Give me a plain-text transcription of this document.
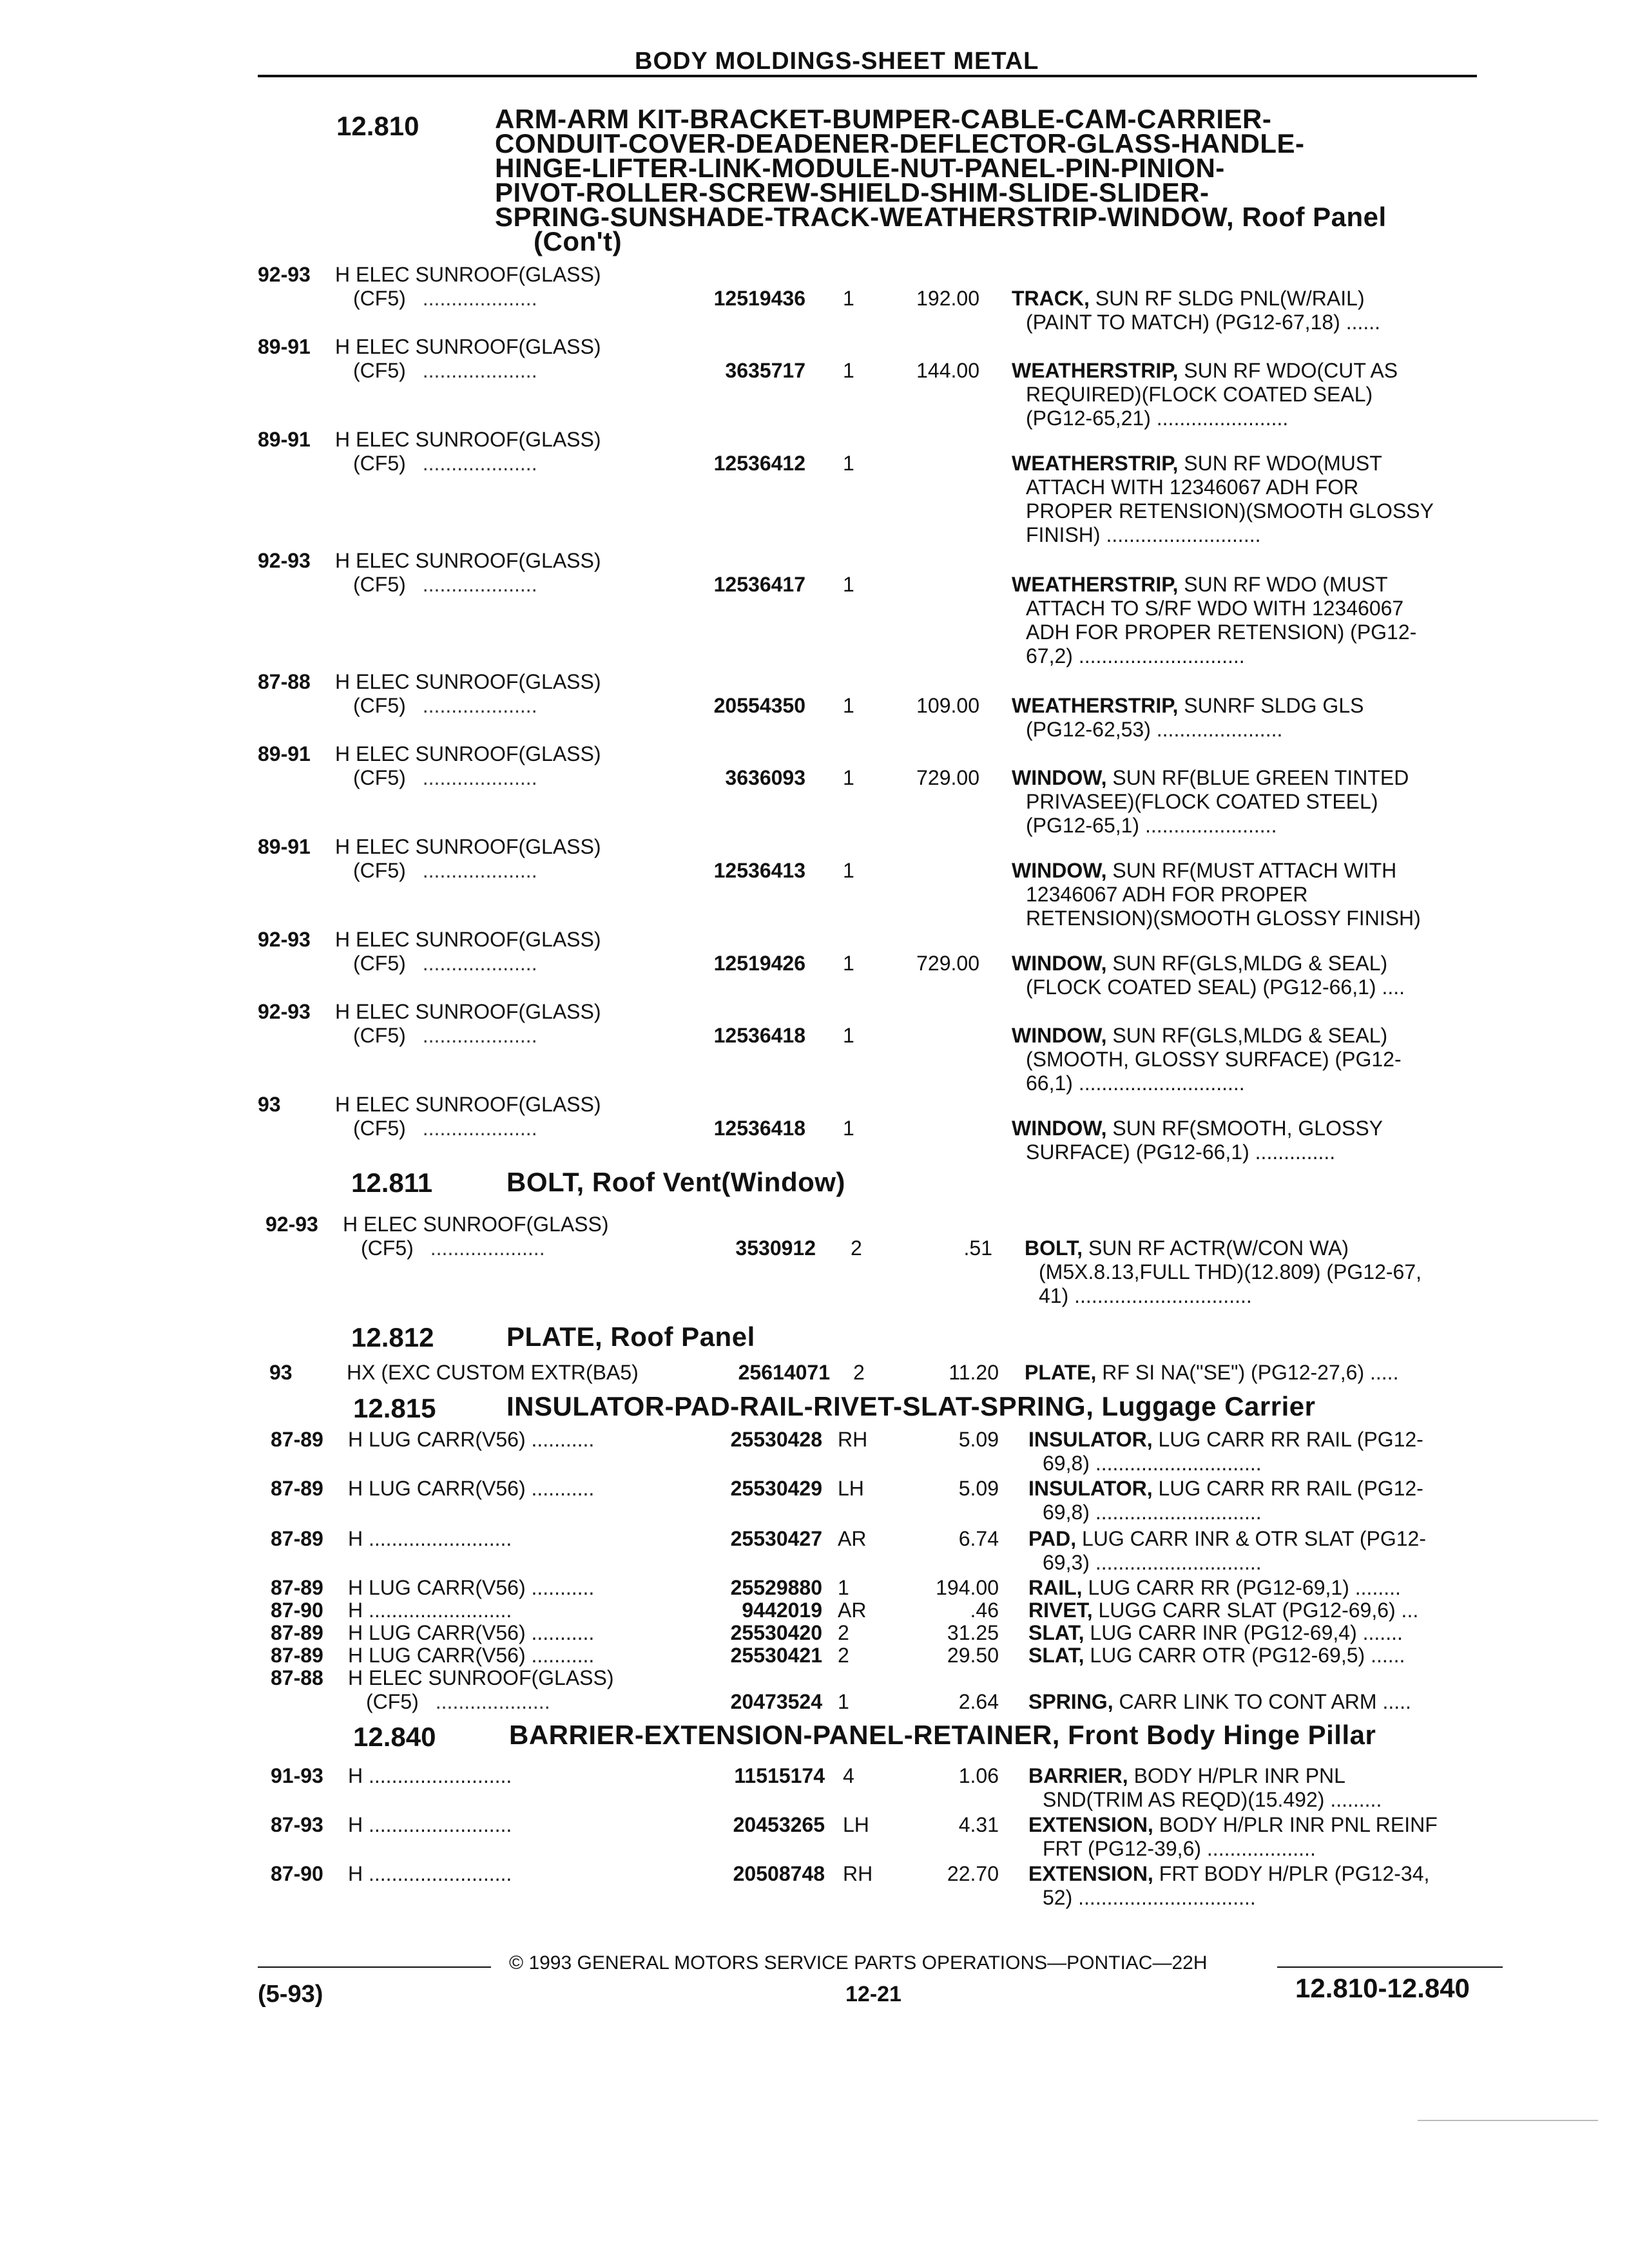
BODY MOLDINGS-SHEET METAL
12.810	ARM-ARM KIT-BRACKET-BUMPER-CABLE-CAM-CARRIER-
CONDUIT-COVER-DEADENER-DEFLECTOR-GLASS-HANDLE-
HINGE-LIFTER-LINK-MODULE-NUT-PANEL-PIN-PINION-
PIVOT-ROLLER-SCREW-SHIELD-SHIM-SLIDE-SLIDER-
SPRING-SUNSHADE-TRACK-WEATHERSTRIP-WINDOW, Roof Panel
(Con't)
92-93 H ELEC SUNROOF(GLASS)
(CF5) ....................	12519436 1	192.00 TRACK, SUN RF SLDG PNL(W/RAIL)
(PAINT TO MATCH) (PG12-67,18) ......
89-91 H ELEC SUNROOF(GLASS)
(CF5) ....................	3635717 1	144.00 WEATHERSTRIP, SUN RF WDO(CUT AS
REQUIRED)(FLOCK COATED SEAL)
(PG12-65,21) .......................
89-91 H ELEC SUNROOF(GLASS)
(CF5) ....................	12536412 1	WEATHERSTRIP, SUN RF WDO(MUST
ATTACH WITH 12346067 ADH FOR
PROPER RETENSION)(SMOOTH GLOSSY
FINISH) ...........................
92-93 H ELEC SUNROOF(GLASS)
(CF5) ....................	12536417 1	WEATHERSTRIP, SUN RF WDO (MUST
ATTACH TO S/RF WDO WITH 12346067
ADH FOR PROPER RETENSION) (PG12-
67,2) .............................
87-88 H ELEC SUNROOF(GLASS)
(CF5) ....................	20554350 1	109.00 WEATHERSTRIP, SUNRF SLDG GLS
(PG12-62,53) ......................
89-91 H ELEC SUNROOF(GLASS)
(CF5) ....................	3636093 1	729.00 WINDOW, SUN RF(BLUE GREEN TINTED
PRIVASEE)(FLOCK COATED STEEL)
(PG12-65,1) .......................
89-91 H ELEC SUNROOF(GLASS)
(CF5) ....................	12536413 1	WINDOW, SUN RF(MUST ATTACH WITH
12346067 ADH FOR PROPER
RETENSION)(SMOOTH GLOSSY FINISH)
92-93 H ELEC SUNROOF(GLASS)
(CF5) ....................	12519426 1	729.00 WINDOW, SUN RF(GLS,MLDG & SEAL)
(FLOCK COATED SEAL) (PG12-66,1) ....
92-93 H ELEC SUNROOF(GLASS)
(CF5) ....................	12536418 1	WINDOW, SUN RF(GLS,MLDG & SEAL)
(SMOOTH, GLOSSY SURFACE) (PG12-
66,1) .............................
93	H ELEC SUNROOF(GLASS)
(CF5) ....................	12536418 1	WINDOW, SUN RF(SMOOTH, GLOSSY
SURFACE) (PG12-66,1) ..............
12.811	BOLT, Roof Vent(Window)
92-93 H ELEC SUNROOF(GLASS)
(CF5) ....................	3530912 2	.51 BOLT, SUN RF ACTR(W/CON WA)
(M5X.8.13,FULL THD)(12.809) (PG12-67,
41) ...............................
12.812	PLATE, Roof Panel
93	HX (EXC CUSTOM EXTR(BA5)	25614071 2	11.20 PLATE, RF SI NA("SE") (PG12-27,6) .....
12.815	INSULATOR-PAD-RAIL-RIVET-SLAT-SPRING, Luggage Carrier
87-89 H LUG CARR(V56) ...........	25530428 RH	5.09 INSULATOR, LUG CARR RR RAIL (PG12-
69,8) .............................
87-89 H LUG CARR(V56) ...........	25530429 LH	5.09 INSULATOR, LUG CARR RR RAIL (PG12-
69,8) .............................
87-89 H .........................	25530427 AR	6.74 PAD, LUG CARR INR & OTR SLAT (PG12-
69,3) .............................
87-89 H LUG CARR(V56) ...........	25529880 1	194.00 RAIL, LUG CARR RR (PG12-69,1) ........
87-90 H .........................	9442019 AR	.46 RIVET, LUGG CARR SLAT (PG12-69,6) ...
87-89 H LUG CARR(V56) ...........	25530420 2	31.25 SLAT, LUG CARR INR (PG12-69,4) .......
87-89 H LUG CARR(V56) ...........	25530421 2	29.50 SLAT, LUG CARR OTR (PG12-69,5) ......
87-88 H ELEC SUNROOF(GLASS)
(CF5) ....................	20473524 1	2.64 SPRING, CARR LINK TO CONT ARM .....
12.840	BARRIER-EXTENSION-PANEL-RETAINER, Front Body Hinge Pillar
91-93 H .........................	11515174 4	1.06 BARRIER, BODY H/PLR INR PNL
SND(TRIM AS REQD)(15.492) .........
87-93 H .........................	20453265 LH	4.31 EXTENSION, BODY H/PLR INR PNL REINF
FRT (PG12-39,6) ...................
87-90 H .........................	20508748 RH	22.70 EXTENSION, FRT BODY H/PLR (PG12-34,
52) ...............................
© 1993 GENERAL MOTORS SERVICE PARTS OPERATIONS—PONTIAC—22H
(5-93)	12-21	12.810-12.840
